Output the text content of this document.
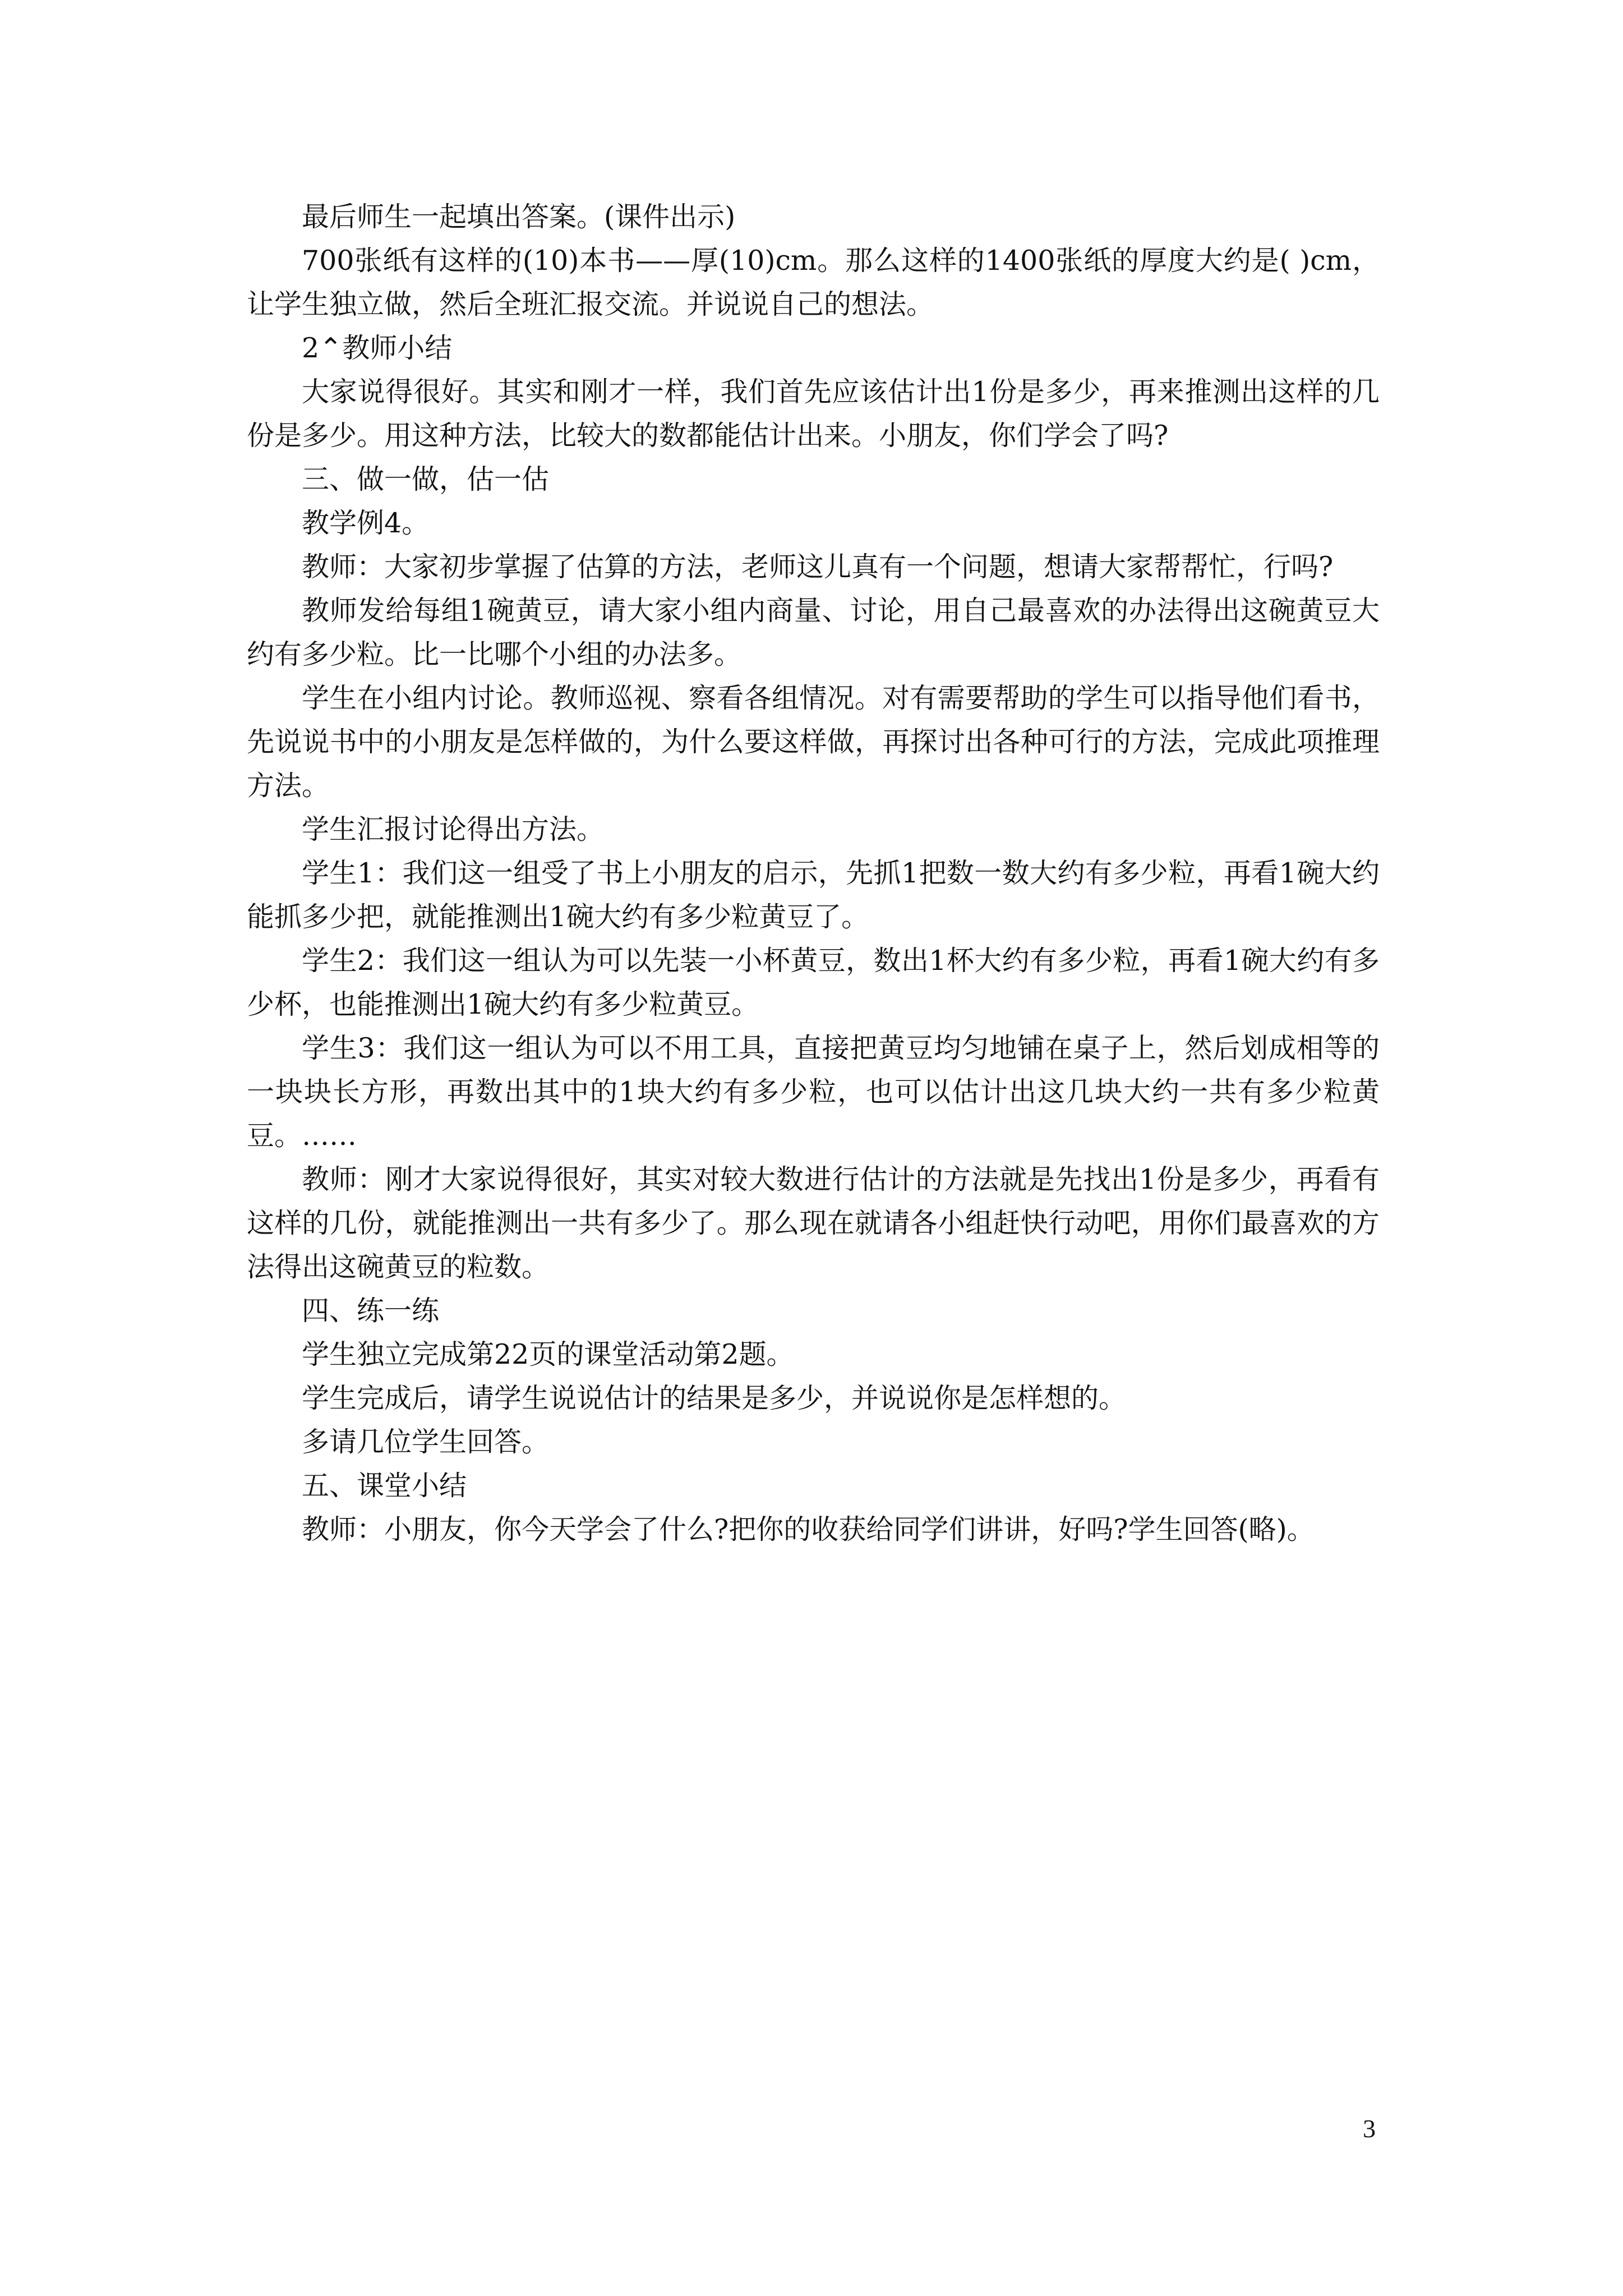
最后师生一起填出答案。(课件出示)

700张纸有这样的(10)本书——厚(10)cm。那么这样的1400张纸的厚度大约是( )cm，让学生独立做，然后全班汇报交流。并说说自己的想法。

2⌃教师小结

大家说得很好。其实和刚才一样，我们首先应该估计出1份是多少，再来推测出这样的几份是多少。用这种方法，比较大的数都能估计出来。小朋友，你们学会了吗?

三、做一做，估一估

教学例4。

教师：大家初步掌握了估算的方法，老师这儿真有一个问题，想请大家帮帮忙，行吗?

教师发给每组1碗黄豆，请大家小组内商量、讨论，用自己最喜欢的办法得出这碗黄豆大约有多少粒。比一比哪个小组的办法多。

学生在小组内讨论。教师巡视、察看各组情况。对有需要帮助的学生可以指导他们看书，先说说书中的小朋友是怎样做的，为什么要这样做，再探讨出各种可行的方法，完成此项推理方法。

学生汇报讨论得出方法。

学生1：我们这一组受了书上小朋友的启示，先抓1把数一数大约有多少粒，再看1碗大约能抓多少把，就能推测出1碗大约有多少粒黄豆了。

学生2：我们这一组认为可以先装一小杯黄豆，数出1杯大约有多少粒，再看1碗大约有多少杯，也能推测出1碗大约有多少粒黄豆。

学生3：我们这一组认为可以不用工具，直接把黄豆均匀地铺在桌子上，然后划成相等的一块块长方形，再数出其中的1块大约有多少粒，也可以估计出这几块大约一共有多少粒黄豆。……

教师：刚才大家说得很好，其实对较大数进行估计的方法就是先找出1份是多少，再看有这样的几份，就能推测出一共有多少了。那么现在就请各小组赶快行动吧，用你们最喜欢的方法得出这碗黄豆的粒数。

四、练一练

学生独立完成第22页的课堂活动第2题。

学生完成后，请学生说说估计的结果是多少，并说说你是怎样想的。

多请几位学生回答。

五、课堂小结

教师：小朋友，你今天学会了什么?把你的收获给同学们讲讲，好吗?学生回答(略)。

3
